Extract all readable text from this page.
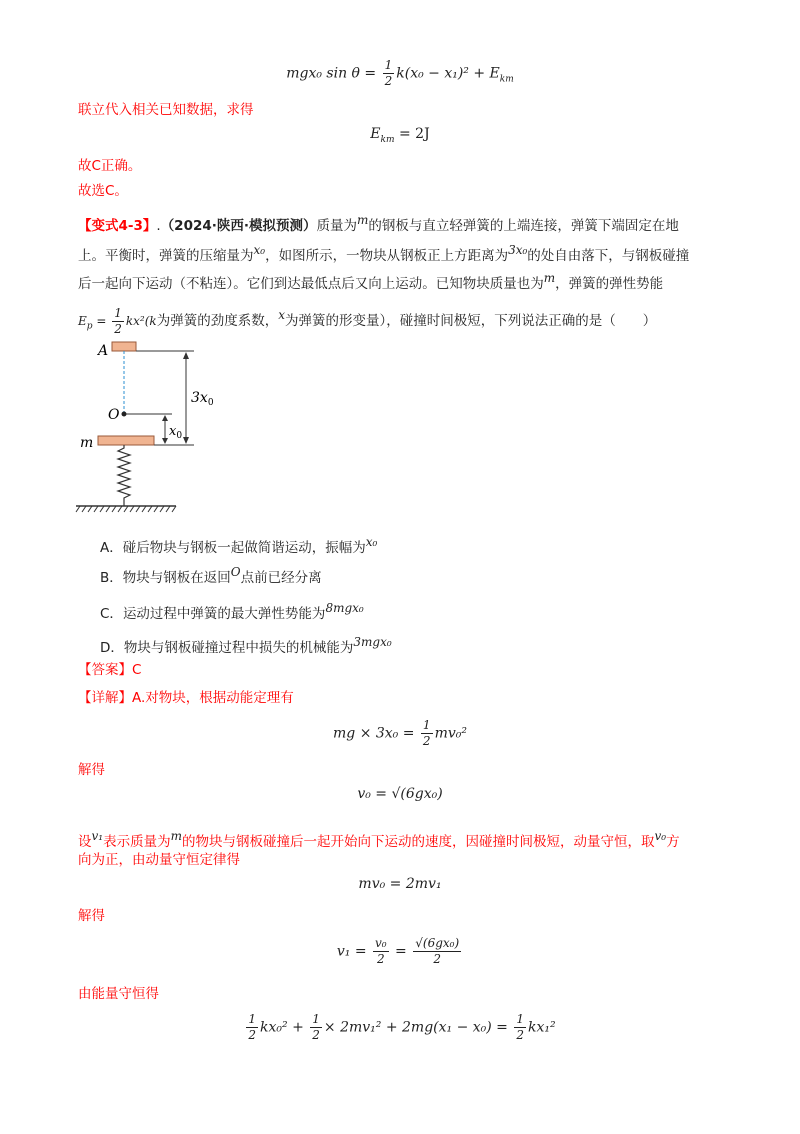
mgx₀ $\sin \theta = \frac{1}{2} k(x_0 - x_1)^2 + E_{km}$
联立代入相关已知数据，求得
$E_{km} = 2J$
故C正确。
故选C。
【变式4-3】.（2024·陕西·模拟预测）质量为m的钢板与直立轻弹簧的上端连接，弹簧下端固定在地
上。平衡时，弹簧的压缩量为x₀，如图所示，一物块从钢板正上方距离为3x₀的处自由落下，与钢板碰撞
后一起向下运动（不粘连）。它们到达最低点后又向上运动。已知物块质量也为m，弹簧的弹性势能
$E_p = \frac{1}{2} kx^2(k$为弹簧的劲度系数，x为弹簧的形变量），碰撞时间极短，下列说法正确的是（　　）
A
O
m
$3x_0$
$x_0$
A．碰后物块与钢板一起做简谐运动，振幅为x₀
B．物块与钢板在返回O点前已经分离
C．运动过程中弹簧的最大弹性势能为8mgx₀
D．物块与钢板碰撞过程中损失的机械能为3mgx₀
【答案】C
【详解】A.对物块，根据动能定理有
mg × $3x_0 = \frac{1}{2} mv_0^2$
解得
v₀ = √(6gx₀)
设v₁表示质量为m的物块与钢板碰撞后一起开始向下运动的速度，因碰撞时间极短，动量守恒，取v₀方
向为正，由动量守恒定律得
mv₀ = 2mv₁
解得
$v_1 = \frac{\text{v₀}}{2} = \frac{\text{√(6gx₀)}}{2}$
由能量守恒得
$\frac{1}{2} kx_0^2 + \frac{1}{2} \times 2mv_1^2 + 2mg(x_1 - x_0) = \frac{1}{2} kx_1^2$
